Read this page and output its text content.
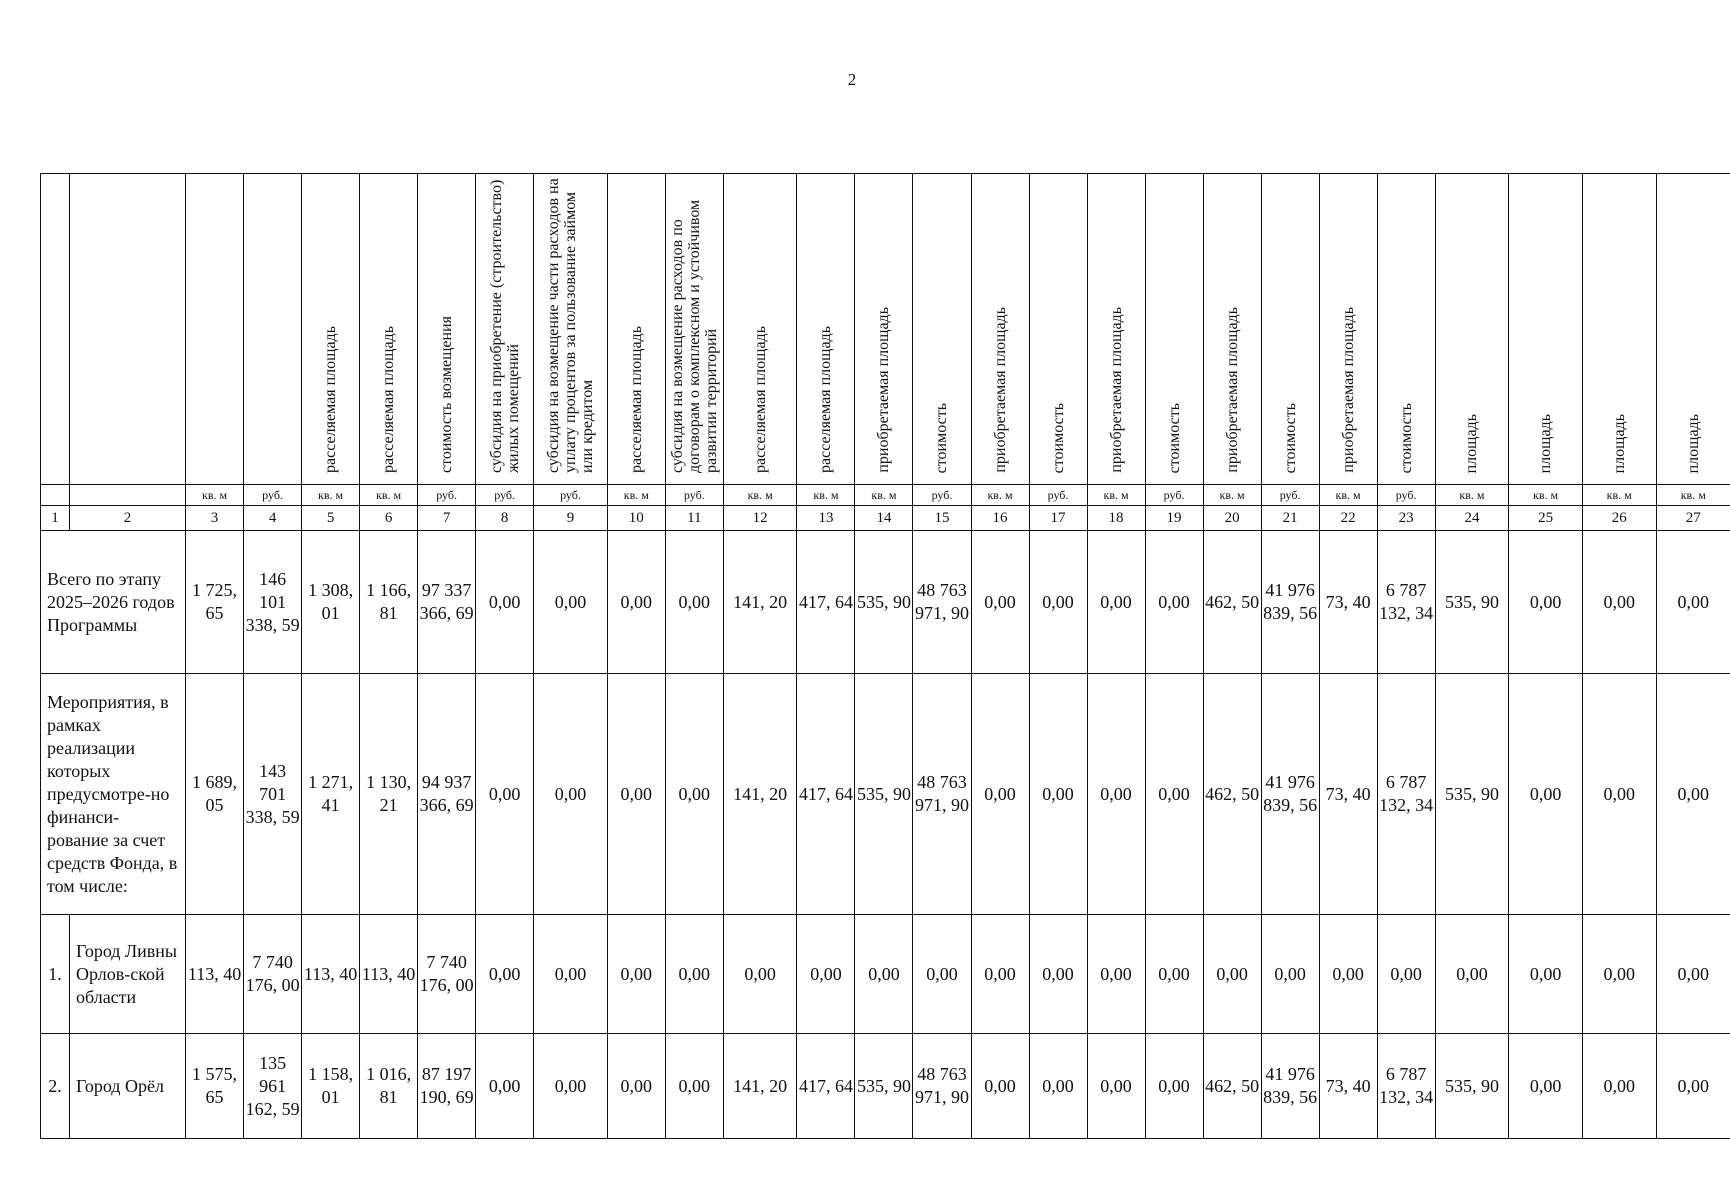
2
				расселяемая площадь	расселяемая площадь	стоимость возмещения	субсидия на приобретение (строительство) жилых помещений	субсидия на возмещение части расходов на уплату процентов за пользование займом или кредитом	расселяемая площадь	субсидия на возмещение расходов по договорам о комплексном и устойчивом развитии территорий	расселяемая площадь	расселяемая площадь	приобретаемая площадь	стоимость	приобретаемая площадь	стоимость	приобретаемая площадь	стоимость	приобретаемая площадь	стоимость	приобретаемая площадь	стоимость	площадь	площадь	площадь	площадь
		кв. м	руб.	кв. м	кв. м	руб.	руб.	руб.	кв. м	руб.	кв. м	кв. м	кв. м	руб.	кв. м	руб.	кв. м	руб.	кв. м	руб.	кв. м	руб.	кв. м	кв. м	кв. м	кв. м
1	2	3	4	5	6	7	8	9	10	11	12	13	14	15	16	17	18	19	20	21	22	23	24	25	26	27
Всего по этапу 2025–2026 годов Программы		1 725, 65	146 101 338, 59	1 308, 01	1 166, 81	97 337 366, 69	0,00	0,00	0,00	0,00	141, 20	417, 64	535, 90	48 763 971, 90	0,00	0,00	0,00	0,00	462, 50	41 976 839, 56	73, 40	6 787 132, 34	535, 90	0,00	0,00	0,00
Мероприятия, в рамках реализации которых предусмотре-но финанси-рование за счет средств Фонда, в том числе:		1 689, 05	143 701 338, 59	1 271, 41	1 130, 21	94 937 366, 69	0,00	0,00	0,00	0,00	141, 20	417, 64	535, 90	48 763 971, 90	0,00	0,00	0,00	0,00	462, 50	41 976 839, 56	73, 40	6 787 132, 34	535, 90	0,00	0,00	0,00
1.	Город Ливны Орлов-ской области	113, 40	7 740 176, 00	113, 40	113, 40	7 740 176, 00	0,00	0,00	0,00	0,00	0,00	0,00	0,00	0,00	0,00	0,00	0,00	0,00	0,00	0,00	0,00	0,00	0,00	0,00	0,00	0,00
2.	Город Орёл	1 575, 65	135 961 162, 59	1 158, 01	1 016, 81	87 197 190, 69	0,00	0,00	0,00	0,00	141, 20	417, 64	535, 90	48 763 971, 90	0,00	0,00	0,00	0,00	462, 50	41 976 839, 56	73, 40	6 787 132, 34	535, 90	0,00	0,00	0,00
